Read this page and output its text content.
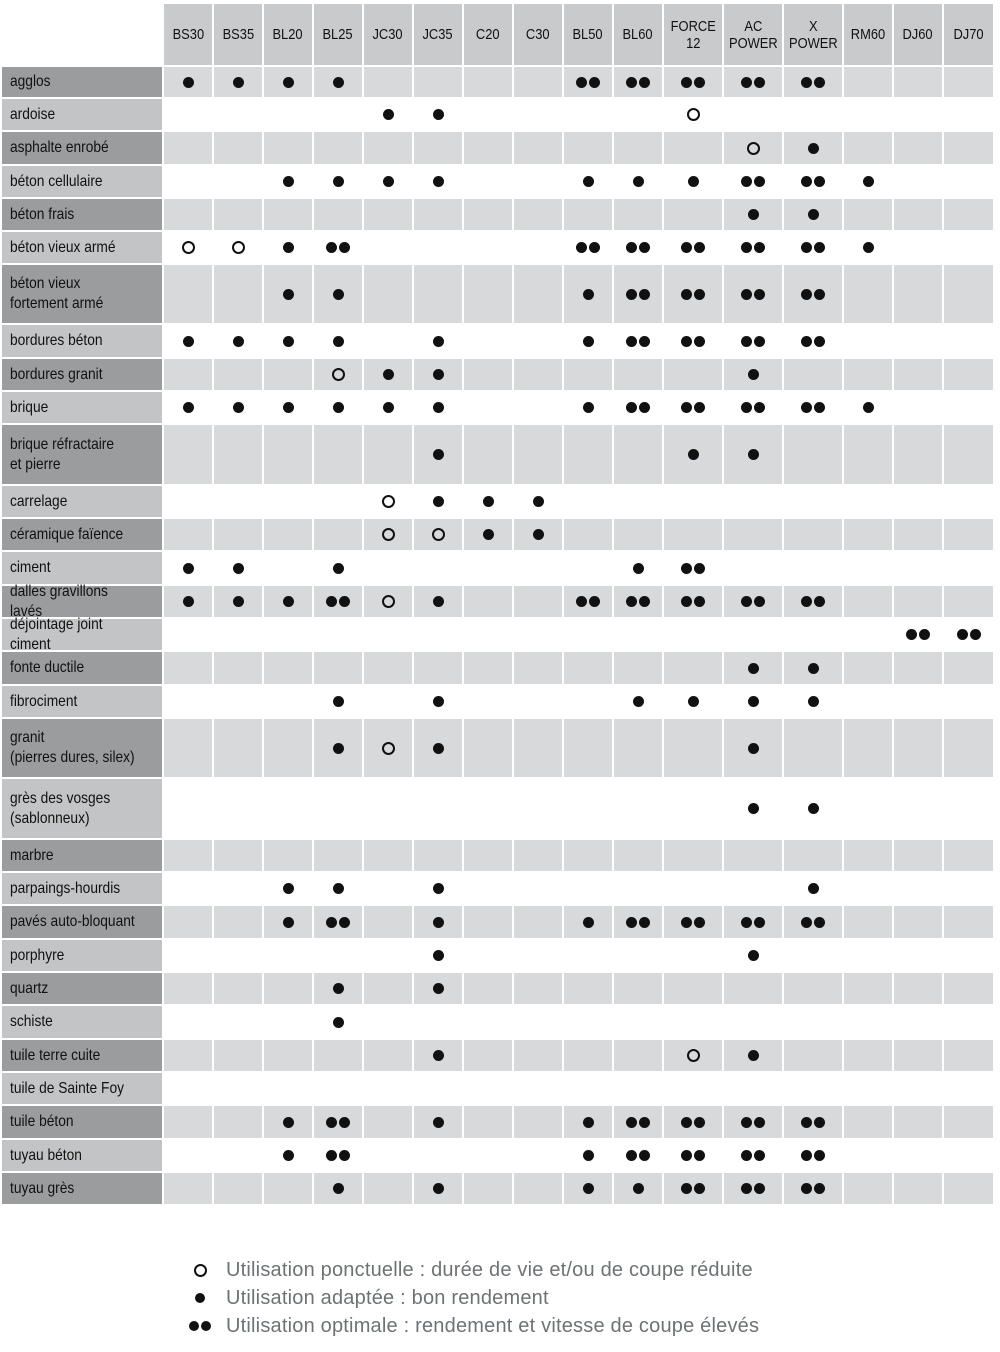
BS30 BS35 BL20 BL25 JC30 JC35 C20 C30 BL50 BL60 FORCE
12
AC
POWER
X
POWER RM60 DJ60 DJ70
agglos
ardoise
asphalte enrobé
béton cellulaire
béton frais
béton vieux armé
béton vieux
fortement armé
bordures béton
bordures granit
brique
brique réfractaire
et pierre
carrelage
céramique faïence
ciment
dalles gravillons lavés
déjointage joint ciment
fonte ductile
fibrociment
granit
(pierres dures, silex)
grès des vosges
(sablonneux)
marbre
parpaings-hourdis
pavés auto-bloquant
porphyre
quartz
schiste
tuile terre cuite
tuile de Sainte Foy
tuile béton
tuyau béton
tuyau grès
Utilisation ponctuelle : durée de vie et/ou de coupe réduite
Utilisation adaptée : bon rendement
Utilisation optimale : rendement et vitesse de coupe élevés
